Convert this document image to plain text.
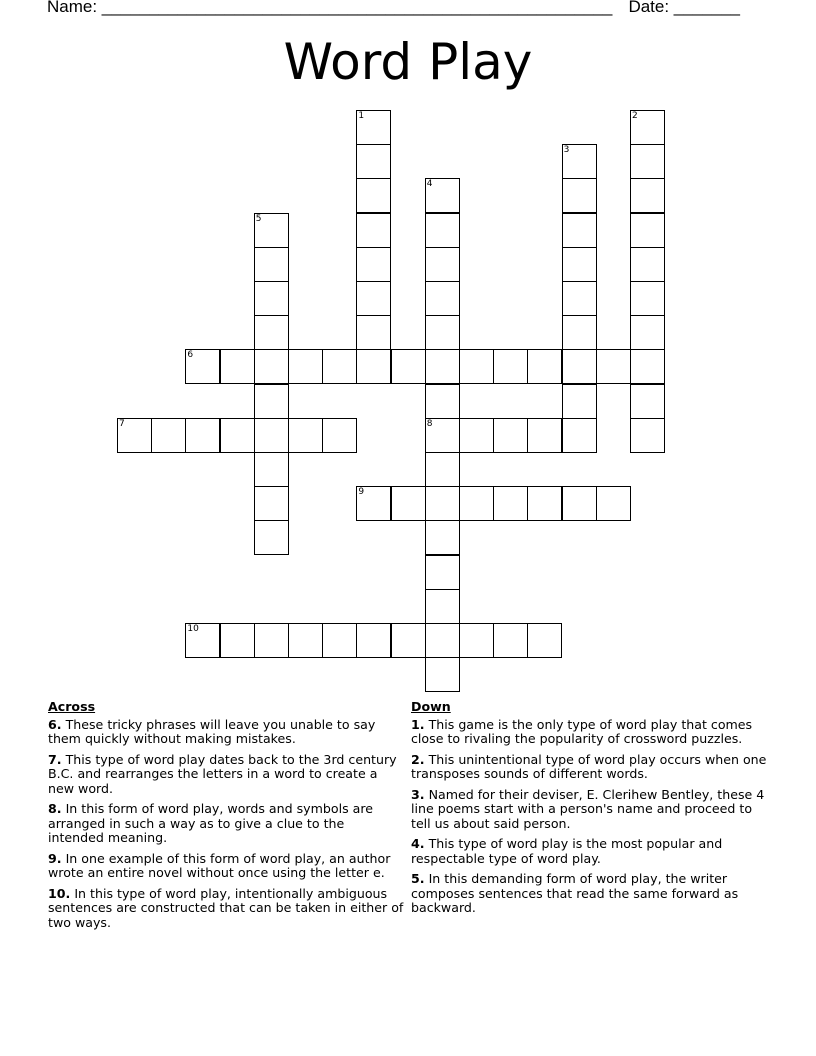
Name: ______________________________________________________ Date: _______
Word Play
1	2
3
4
8
5
6
7
9
10
Across
6. These tricky phrases will leave you unable to say them quickly without making mistakes.
7. This type of word play dates back to the 3rd century B.C. and rearranges the letters in a word to create a new word.
8. In this form of word play, words and symbols are arranged in such a way as to give a clue to the intended meaning.
9. In one example of this form of word play, an author wrote an entire novel without once using the letter e.
10. In this type of word play, intentionally ambiguous sentences are constructed that can be taken in either of two ways.
Down
1. This game is the only type of word play that comes close to rivaling the popularity of crossword puzzles.
2. This unintentional type of word play occurs when one transposes sounds of different words.
3. Named for their deviser, E. Clerihew Bentley, these 4 line poems start with a person's name and proceed to tell us about said person.
4. This type of word play is the most popular and respectable type of word play.
5. In this demanding form of word play, the writer composes sentences that read the same forward as backward.
